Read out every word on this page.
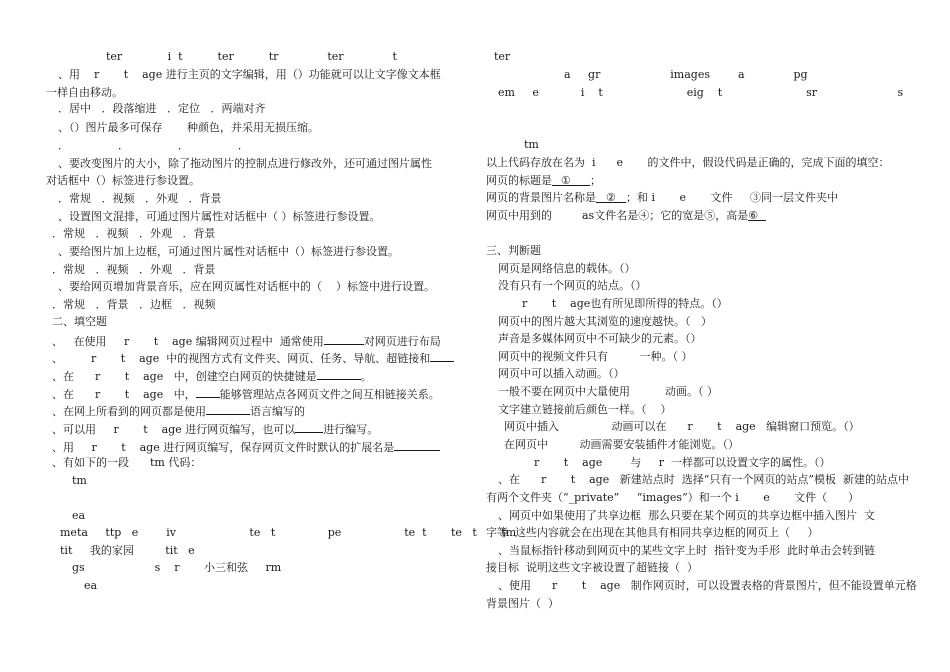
ter             i  t          ter          tr              ter              t
、用    r       t    age 进行主页的文字编辑，用（）功能就可以让文字像文本框
一样自由移动。
．居中   ．段落缩进   ．定位   ．两端对齐
、（）图片最多可保存       种颜色，并采用无损压缩。
．              ．              ．              ．
、要改变图片的大小，除了拖动图片的控制点进行修改外，还可通过图片属性
对话框中（）标签进行参设置。
．常规   ．视频   ．外观   ．背景
、设置图文混排，可通过图片属性对话框中（ ）标签进行参设置。
．常规   ．视频   ．外观   ．背景
、要给图片加上边框，可通过图片属性对话框中（）标签进行参设置。
．常规   ．视频   ．外观   ．背景
、要给网页增加背景音乐，应在网页属性对话框中的（    ）标签中进行设置。
．常规   ．背景   ．边框   ．视频
二、填空题
、   在使用     r       t    age 编辑网页过程中  通常使用	对网页进行布局
、        r       t    age  中的视图方式有文件夹、网页、任务、导航、超链接和
、在      r       t    age   中，创建空白网页的快捷键是	。
、在      r       t    age   中， 能够管理站点各网页文件之间互相链接关系。
、在网上所看到的网页都是使用	语言编写的
、可以用     r       t    age 进行网页编写，也可以	进行编写。
、用     r       t    age 进行网页编写，保存网页文件时默认的扩展名是
、有如下的一段      tm 代码：
tm
ea
meta     ttp   e        iv                     te   t               pe                  te  t       te   t       tm
tit     我的家园         tit   e
gs                    s    r       小三和弦     rm
ea
ter
a     gr                    images        a              pg
em     e            i    t                        eig    t                        sr                       s
tm
以上代码存放在名为  i      e       的文件中，假设代码是正确的，完成下面的填空：
网页的标题是  ①     ；
网页的背景图片名称是  ②  ；和 i       e       文件     ③同一层文件夹中
网页中用到的	as文件名是④；它的宽是⑤，高是⑥
三、判断题
网页是网络信息的载体。（）
没有只有一个网页的站点。（）
r       t    age也有所见即所得的特点。（）
网页中的图片越大其浏览的速度越快。（   ）
声音是多媒体网页中不可缺少的元素。（）
网页中的视频文件只有         一种。（ ）
网页中可以插入动画。（）
一般不要在网页中大量使用          动画。（ ）
文字建立链接前后颜色一样。（    ）
网页中插入               动画可以在      r       t    age   编辑窗口预览。（）
在网页中         动画需要安装插件才能浏览。（）
r       t    age        与     r  一样都可以设置文字的属性。（）
、在      r       t    age   新建站点时  选择“只有一个网页的站点”模板  新建的站点中
有两个文件夹（“_private”     “images”）和一个 i       e       文件（      ）
、网页中如果使用了共享边框  那么只要在某个网页的共享边框中插入图片  文
字等  这些内容就会在出现在其他具有相同共享边框的网页上（     ）
、当鼠标指针移动到网页中的某些文字上时  指针变为手形  此时单击会转到链
接目标  说明这些文字被设置了超链接（  ）
、使用      r       t    age   制作网页时，可以设置表格的背景图片，但不能设置单元格
背景图片（  ）
